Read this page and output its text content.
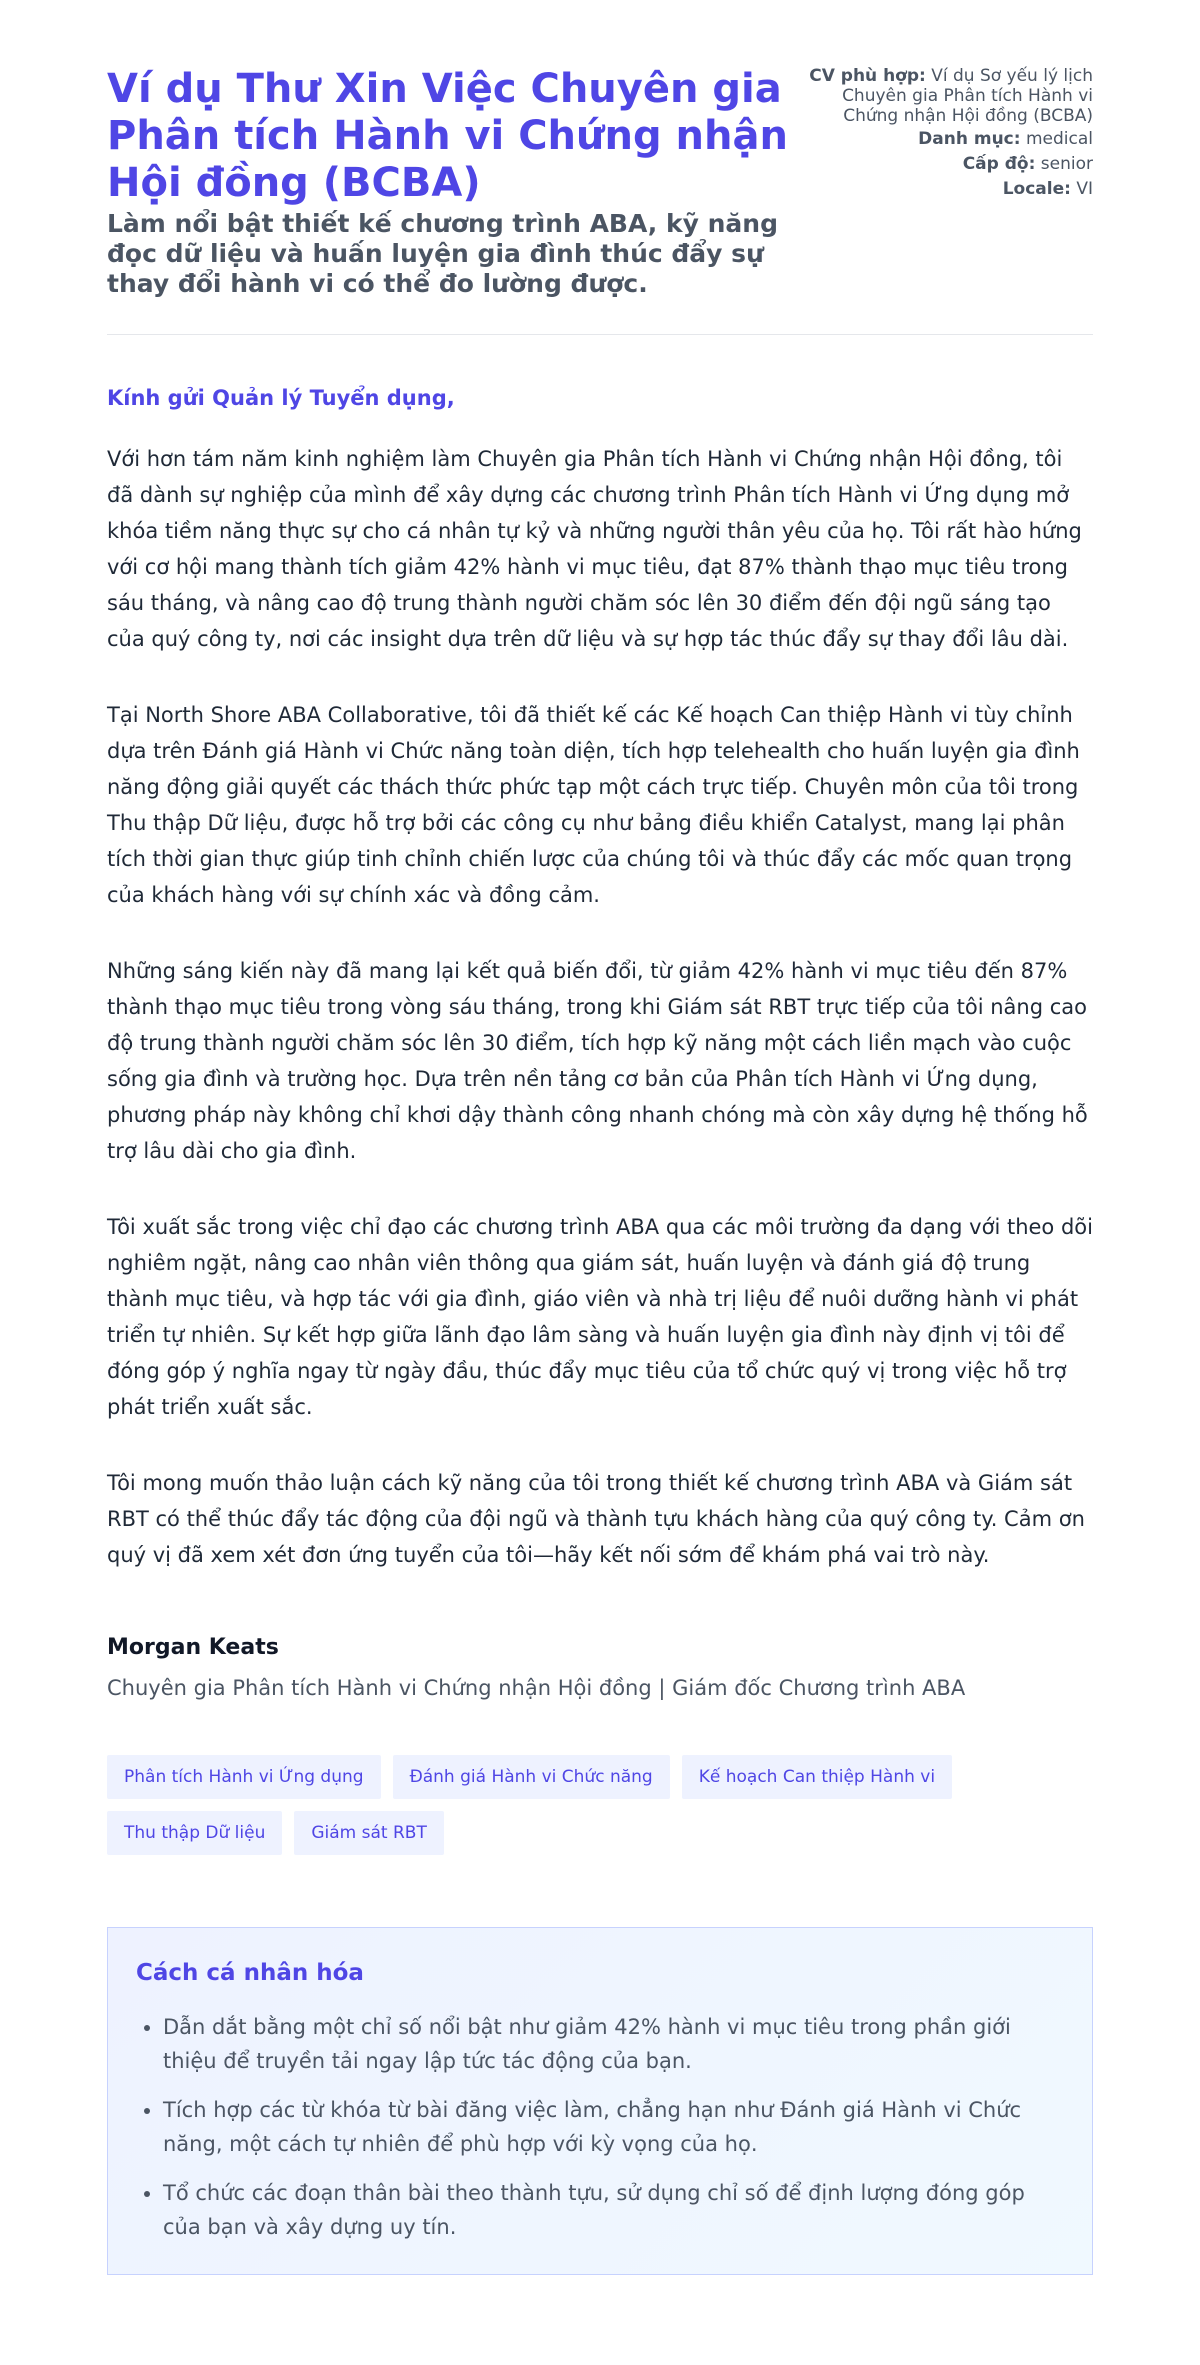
Ví dụ Thư Xin Việc Chuyên gia Phân tích Hành vi Chứng nhận Hội đồng (BCBA)

Làm nổi bật thiết kế chương trình ABA, kỹ năng đọc dữ liệu và huấn luyện gia đình thúc đẩy sự thay đổi hành vi có thể đo lường được.

CV phù hợp: Ví dụ Sơ yếu lý lịch Chuyên gia Phân tích Hành vi Chứng nhận Hội đồng (BCBA)
Danh mục: medical
Cấp độ: senior
Locale: VI
Kính gửi Quản lý Tuyển dụng,

Với hơn tám năm kinh nghiệm làm Chuyên gia Phân tích Hành vi Chứng nhận Hội đồng, tôi đã dành sự nghiệp của mình để xây dựng các chương trình Phân tích Hành vi Ứng dụng mở khóa tiềm năng thực sự cho cá nhân tự kỷ và những người thân yêu của họ. Tôi rất hào hứng với cơ hội mang thành tích giảm 42% hành vi mục tiêu, đạt 87% thành thạo mục tiêu trong sáu tháng, và nâng cao độ trung thành người chăm sóc lên 30 điểm đến đội ngũ sáng tạo của quý công ty, nơi các insight dựa trên dữ liệu và sự hợp tác thúc đẩy sự thay đổi lâu dài.

Tại North Shore ABA Collaborative, tôi đã thiết kế các Kế hoạch Can thiệp Hành vi tùy chỉnh dựa trên Đánh giá Hành vi Chức năng toàn diện, tích hợp telehealth cho huấn luyện gia đình năng động giải quyết các thách thức phức tạp một cách trực tiếp. Chuyên môn của tôi trong Thu thập Dữ liệu, được hỗ trợ bởi các công cụ như bảng điều khiển Catalyst, mang lại phân tích thời gian thực giúp tinh chỉnh chiến lược của chúng tôi và thúc đẩy các mốc quan trọng của khách hàng với sự chính xác và đồng cảm.

Những sáng kiến này đã mang lại kết quả biến đổi, từ giảm 42% hành vi mục tiêu đến 87% thành thạo mục tiêu trong vòng sáu tháng, trong khi Giám sát RBT trực tiếp của tôi nâng cao độ trung thành người chăm sóc lên 30 điểm, tích hợp kỹ năng một cách liền mạch vào cuộc sống gia đình và trường học. Dựa trên nền tảng cơ bản của Phân tích Hành vi Ứng dụng, phương pháp này không chỉ khơi dậy thành công nhanh chóng mà còn xây dựng hệ thống hỗ trợ lâu dài cho gia đình.

Tôi xuất sắc trong việc chỉ đạo các chương trình ABA qua các môi trường đa dạng với theo dõi nghiêm ngặt, nâng cao nhân viên thông qua giám sát, huấn luyện và đánh giá độ trung thành mục tiêu, và hợp tác với gia đình, giáo viên và nhà trị liệu để nuôi dưỡng hành vi phát triển tự nhiên. Sự kết hợp giữa lãnh đạo lâm sàng và huấn luyện gia đình này định vị tôi để đóng góp ý nghĩa ngay từ ngày đầu, thúc đẩy mục tiêu của tổ chức quý vị trong việc hỗ trợ phát triển xuất sắc.

Tôi mong muốn thảo luận cách kỹ năng của tôi trong thiết kế chương trình ABA và Giám sát RBT có thể thúc đẩy tác động của đội ngũ và thành tựu khách hàng của quý công ty. Cảm ơn quý vị đã xem xét đơn ứng tuyển của tôi—hãy kết nối sớm để khám phá vai trò này.

Morgan Keats
Chuyên gia Phân tích Hành vi Chứng nhận Hội đồng | Giám đốc Chương trình ABA
Phân tích Hành vi Ứng dụng	Đánh giá Hành vi Chức năng	Kế hoạch Can thiệp Hành vi
Thu thập Dữ liệu	Giám sát RBT
Cách cá nhân hóa
• Dẫn dắt bằng một chỉ số nổi bật như giảm 42% hành vi mục tiêu trong phần giới thiệu để truyền tải ngay lập tức tác động của bạn.
• Tích hợp các từ khóa từ bài đăng việc làm, chẳng hạn như Đánh giá Hành vi Chức năng, một cách tự nhiên để phù hợp với kỳ vọng của họ.
• Tổ chức các đoạn thân bài theo thành tựu, sử dụng chỉ số để định lượng đóng góp của bạn và xây dựng uy tín.
